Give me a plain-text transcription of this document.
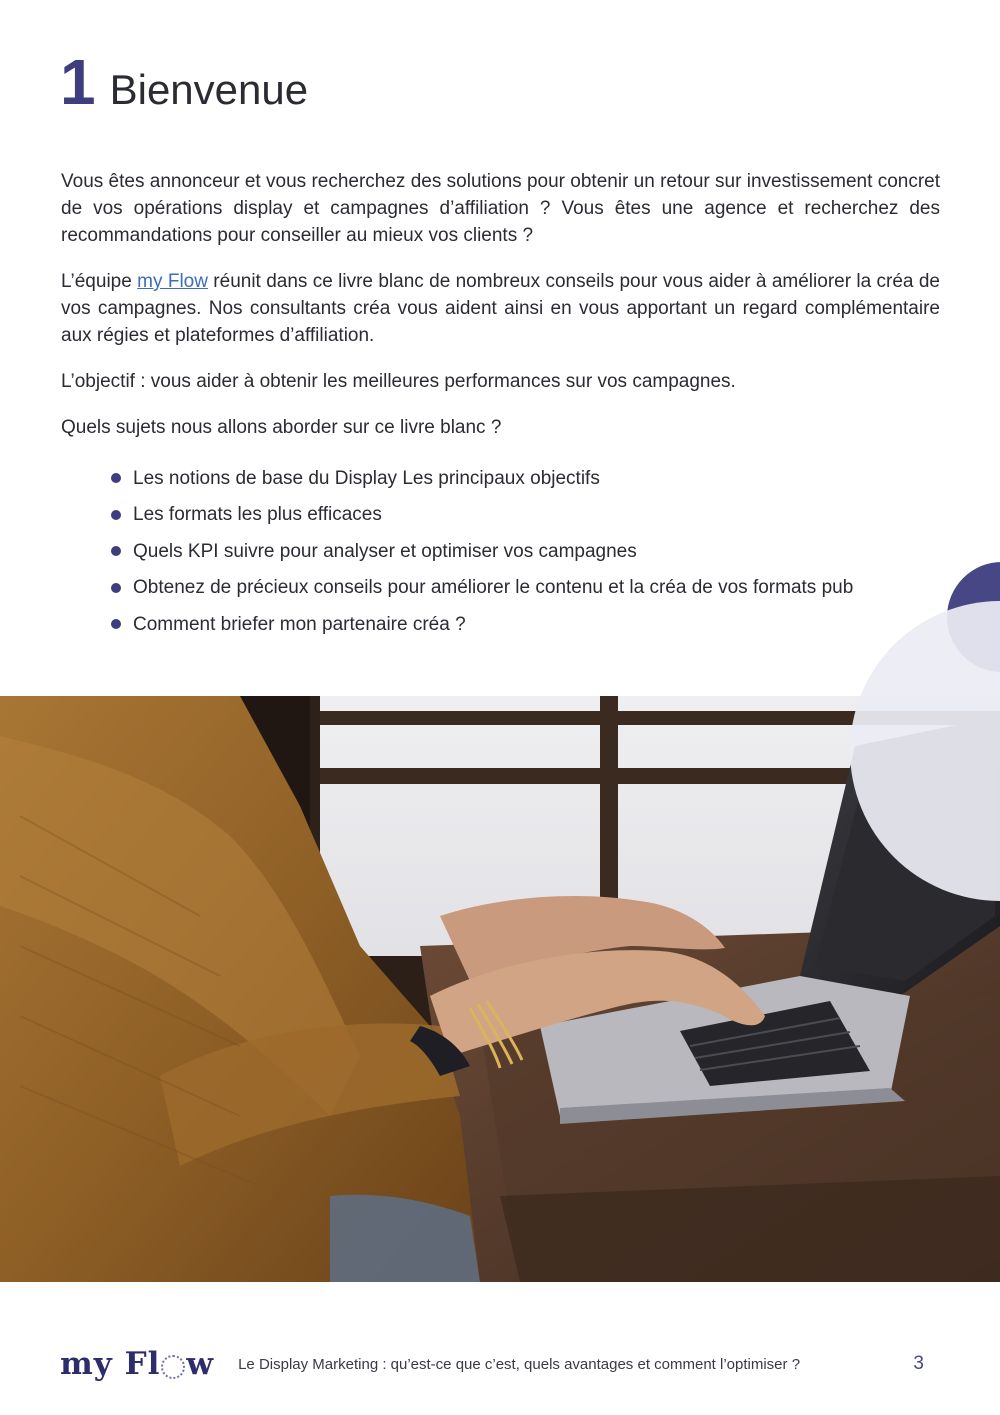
1 Bienvenue

Vous êtes annonceur et vous recherchez des solutions pour obtenir un retour sur investissement concret de vos opérations display et campagnes d’affiliation ? Vous êtes une agence et recherchez des recommandations pour conseiller au mieux vos clients ?

L’équipe my Flow réunit dans ce livre blanc de nombreux conseils pour vous aider à améliorer la créa de vos campagnes. Nos consultants créa vous aident ainsi en vous apportant un regard complémentaire aux régies et plateformes d’affiliation.

L’objectif : vous aider à obtenir les meilleures performances sur vos campagnes.

Quels sujets nous allons aborder sur ce livre blanc ?

Les notions de base du Display Les principaux objectifs
Les formats les plus efficaces
Quels KPI suivre pour analyser et optimiser vos campagnes
Obtenez de précieux conseils pour améliorer le contenu et la créa de vos formats pub
Comment briefer mon partenaire créa ?
my Fl w Le Display Marketing : qu’est-ce que c’est, quels avantages et comment l’optimiser ?	3
